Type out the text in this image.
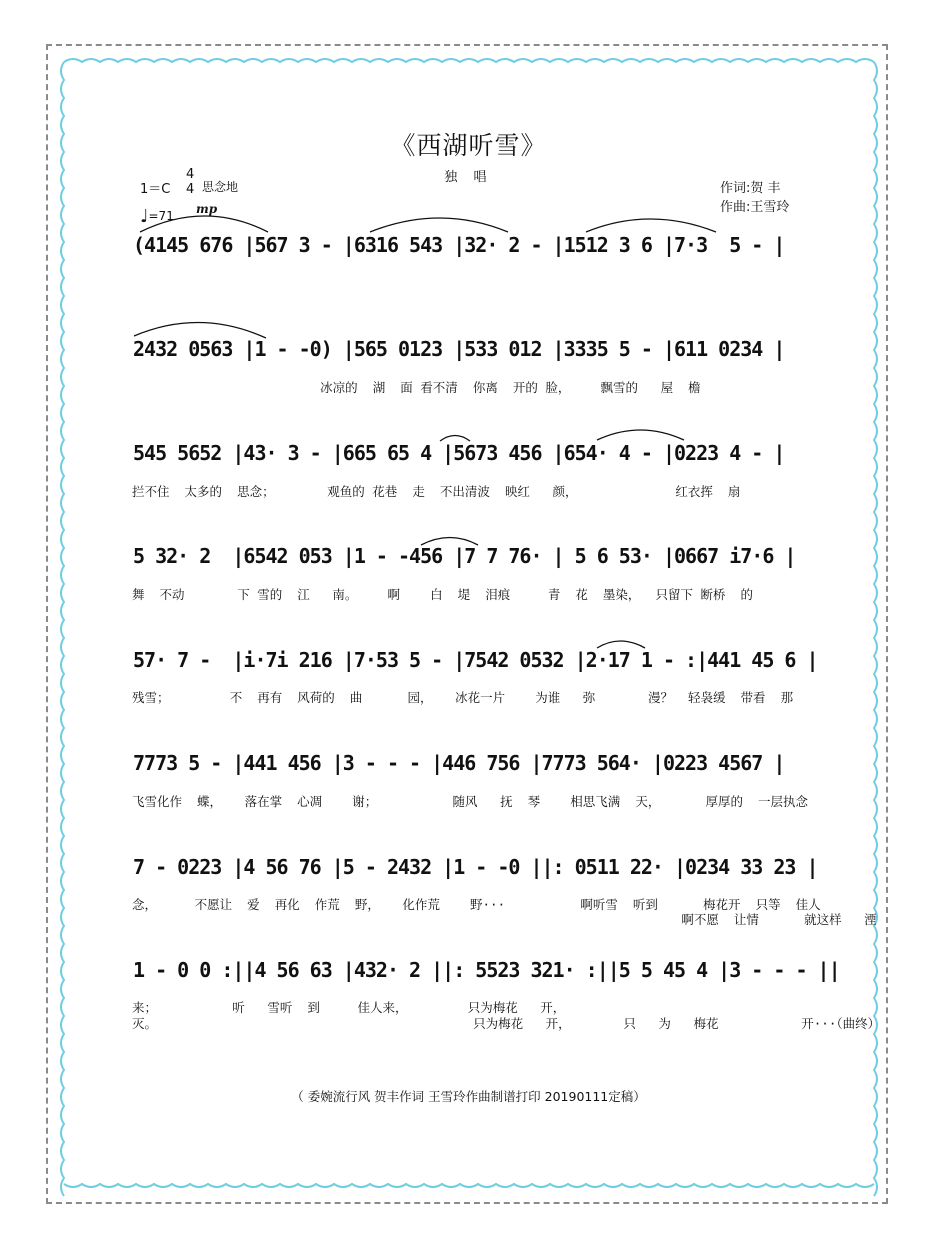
《西湖听雪》
独 唱
1＝C
4
4 思念地
♩=71 mp
作词:贺 丰
作曲:王雪玲
(4145 676 |567 3 - |6316 543 |32· 2 - |1512 3 6 |7·3  5 - |
2432 0563 |1 - -0) |565 0123 |533 012 |3335 5 - |611 0234 |
冰凉的  湖  面 看不清  你离  开的 脸，    飘雪的   屋  檐
545 5652 |43· 3 - |665 65 4 |5673 456 |654· 4 - |0223 4 - |
拦不住  太多的  思念；       观鱼的 花巷  走  不出清波  映红   颜，             红衣挥  扇
5 32· 2  |6542 053 |1 - -456 |7 7 76· | 5 6 53· |0667 i7·6 |
舞  不动       下 雪的  江   南。    啊    白  堤  泪痕     青  花  墨染，  只留下 断桥  的
57· 7 -  |i·7i 216 |7·53 5 - |7542 0532 |2·17 1 - :|441 45 6 |
残雪；        不  再有  风荷的  曲      园，   冰花一片    为谁   弥       漫？  轻袅缓  带看  那
7773 5 - |441 456 |3 - - - |446 756 |7773 564· |0223 4567 |
飞雪化作  蝶，   落在掌  心凋    谢；          随风   抚  琴    相思飞满  天，      厚厚的  一层执念
7 - 0223 |4 56 76 |5 - 2432 |1 - -0 ||: 0511 22· |0234 33 23 |
念，     不愿让  爱  再化  作荒  野，   化作荒    野···          啊听雪  听到      梅花开  只等  佳人
啊不愿  让情      就这样   湮
1 - 0 0 :||4 56 63 |432· 2 ||: 5523 321· :||5 5 45 4 |3 - - - ||
来；          听   雪听  到     佳人来，        只为梅花   开，
灭。                                          只为梅花   开，       只   为   梅花           开···（曲终）
（ 委婉流行风 贺丰作词 王雪玲作曲制谱打印 20190111定稿）
